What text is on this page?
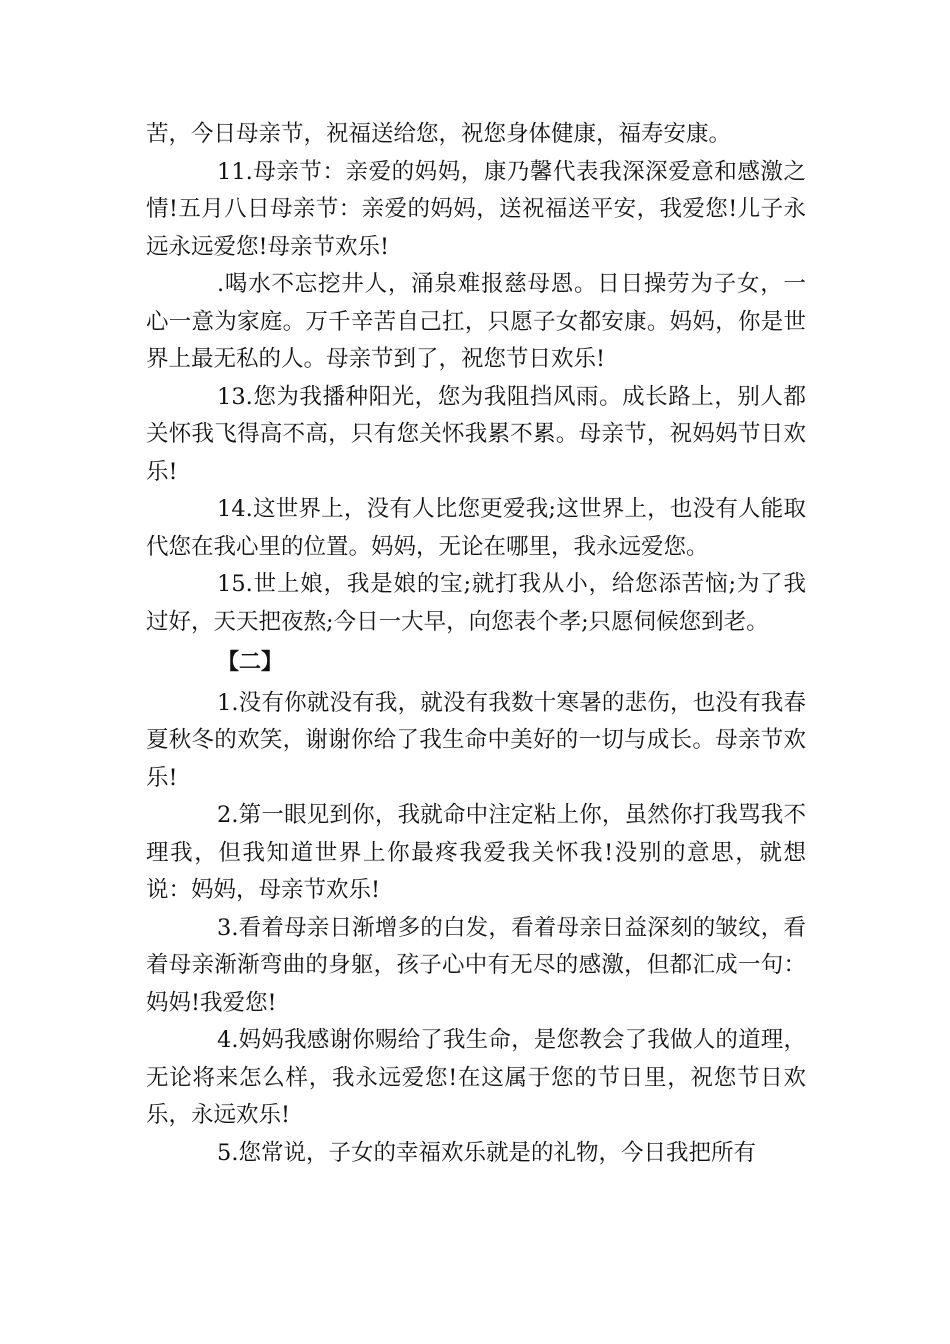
苦，今日母亲节，祝福送给您，祝您身体健康，福寿安康。

11.母亲节：亲爱的妈妈，康乃馨代表我深深爱意和感激之情!五月八日母亲节：亲爱的妈妈，送祝福送平安，我爱您!儿子永远永远爱您!母亲节欢乐!

.喝水不忘挖井人，涌泉难报慈母恩。日日操劳为子女，一心一意为家庭。万千辛苦自己扛，只愿子女都安康。妈妈，你是世界上最无私的人。母亲节到了，祝您节日欢乐!

13.您为我播种阳光，您为我阻挡风雨。成长路上，别人都关怀我飞得高不高，只有您关怀我累不累。母亲节，祝妈妈节日欢乐!

14.这世界上，没有人比您更爱我;这世界上，也没有人能取代您在我心里的位置。妈妈，无论在哪里，我永远爱您。

15.世上娘，我是娘的宝;就打我从小，给您添苦恼;为了我过好，天天把夜熬;今日一大早，向您表个孝;只愿伺候您到老。

【二】

1.没有你就没有我，就没有我数十寒暑的悲伤，也没有我春夏秋冬的欢笑，谢谢你给了我生命中美好的一切与成长。母亲节欢乐!

2.第一眼见到你，我就命中注定粘上你，虽然你打我骂我不理我，但我知道世界上你最疼我爱我关怀我!没别的意思，就想说：妈妈，母亲节欢乐!

3.看着母亲日渐增多的白发，看着母亲日益深刻的皱纹，看着母亲渐渐弯曲的身躯，孩子心中有无尽的感激，但都汇成一句：妈妈!我爱您!

4.妈妈我感谢你赐给了我生命，是您教会了我做人的道理，无论将来怎么样，我永远爱您!在这属于您的节日里，祝您节日欢乐，永远欢乐!

5.您常说，子女的幸福欢乐就是的礼物，今日我把所有
